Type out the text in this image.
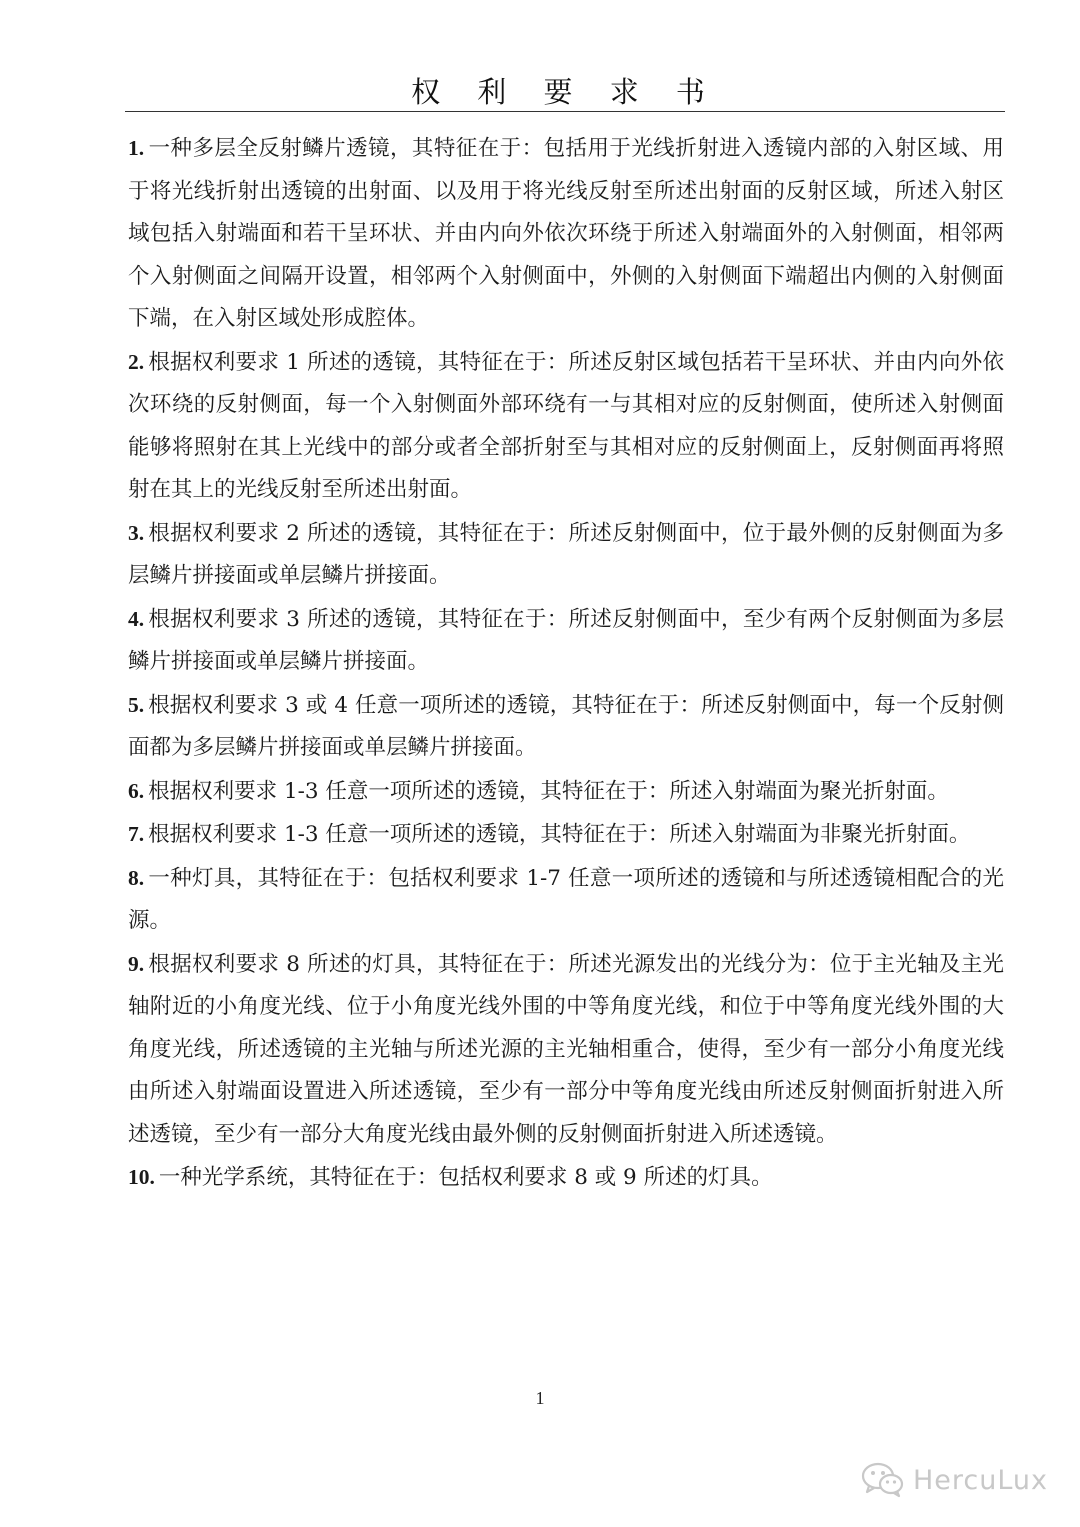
权 利 要 求 书

1. 一种多层全反射鳞片透镜，其特征在于：包括用于光线折射进入透镜内部的入射区域、用于将光线折射出透镜的出射面、以及用于将光线反射至所述出射面的反射区域，所述入射区域包括入射端面和若干呈环状、并由内向外依次环绕于所述入射端面外的入射侧面，相邻两个入射侧面之间隔开设置，相邻两个入射侧面中，外侧的入射侧面下端超出内侧的入射侧面下端，在入射区域处形成腔体。

2. 根据权利要求 1 所述的透镜，其特征在于：所述反射区域包括若干呈环状、并由内向外依次环绕的反射侧面，每一个入射侧面外部环绕有一与其相对应的反射侧面，使所述入射侧面能够将照射在其上光线中的部分或者全部折射至与其相对应的反射侧面上，反射侧面再将照射在其上的光线反射至所述出射面。

3. 根据权利要求 2 所述的透镜，其特征在于：所述反射侧面中，位于最外侧的反射侧面为多层鳞片拼接面或单层鳞片拼接面。

4. 根据权利要求 3 所述的透镜，其特征在于：所述反射侧面中，至少有两个反射侧面为多层鳞片拼接面或单层鳞片拼接面。

5. 根据权利要求 3 或 4 任意一项所述的透镜，其特征在于：所述反射侧面中，每一个反射侧面都为多层鳞片拼接面或单层鳞片拼接面。

6. 根据权利要求 1-3 任意一项所述的透镜，其特征在于：所述入射端面为聚光折射面。

7. 根据权利要求 1-3 任意一项所述的透镜，其特征在于：所述入射端面为非聚光折射面。

8. 一种灯具，其特征在于：包括权利要求 1-7 任意一项所述的透镜和与所述透镜相配合的光源。

9. 根据权利要求 8 所述的灯具，其特征在于：所述光源发出的光线分为：位于主光轴及主光轴附近的小角度光线、位于小角度光线外围的中等角度光线，和位于中等角度光线外围的大角度光线，所述透镜的主光轴与所述光源的主光轴相重合，使得，至少有一部分小角度光线由所述入射端面设置进入所述透镜，至少有一部分中等角度光线由所述反射侧面折射进入所述透镜，至少有一部分大角度光线由最外侧的反射侧面折射进入所述透镜。

10. 一种光学系统，其特征在于：包括权利要求 8 或 9 所述的灯具。

1
HercuLux
